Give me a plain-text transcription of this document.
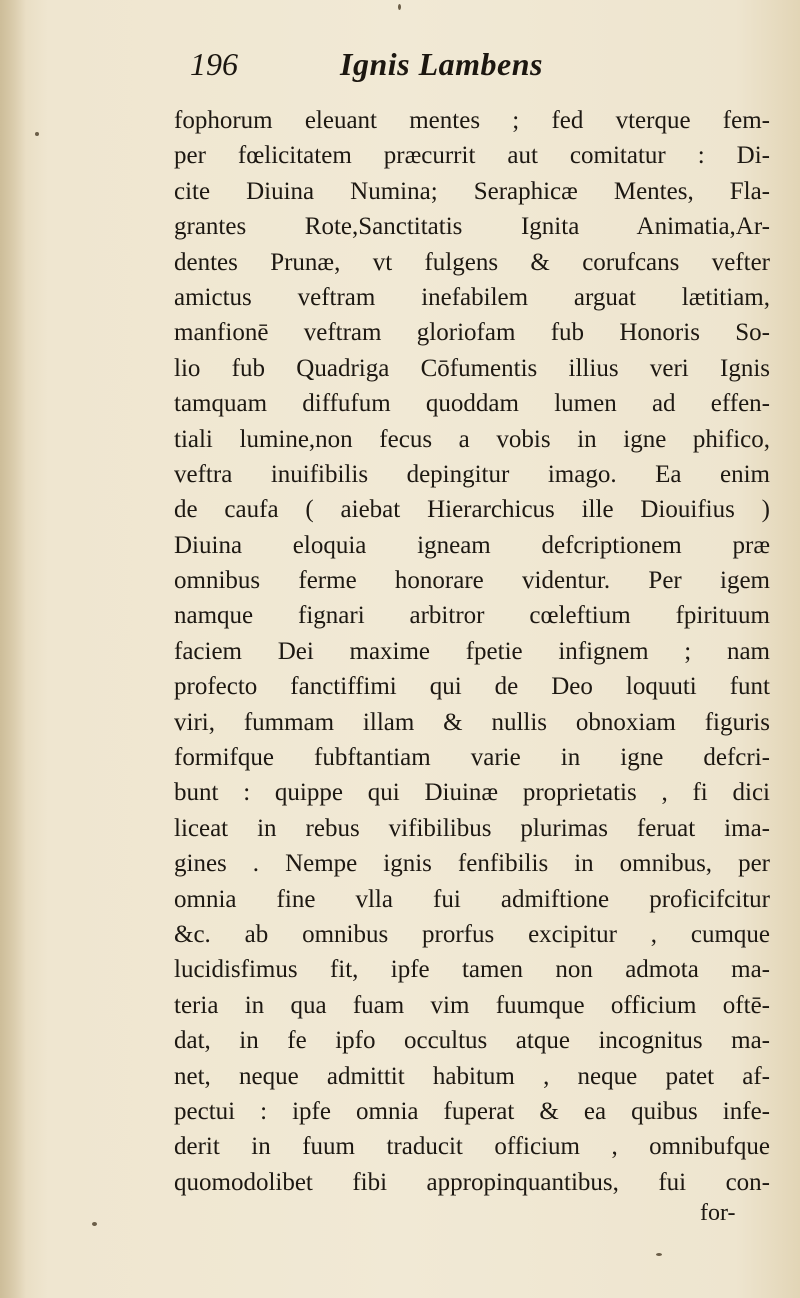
196	Ignis Lambens
fophorum eleuant mentes ; fed vterque fem-
per fœlicitatem præcurrit aut comitatur : Di-
cite Diuina Numina; Seraphicæ Mentes, Fla-
grantes Rote,Sanctitatis Ignita Animatia,Ar-
dentes Prunæ, vt fulgens & corufcans vefter
amictus veftram inefabilem arguat lætitiam,
manfionē veftram gloriofam fub Honoris So-
lio fub Quadriga Cōfumentis illius veri Ignis
tamquam diffufum quoddam lumen ad effen-
tiali lumine,non fecus a vobis in igne phifico,
veftra inuifibilis depingitur imago. Ea enim
de caufa ( aiebat Hierarchicus ille Diouifius )
Diuina eloquia igneam defcriptionem præ
omnibus ferme honorare videntur. Per igem
namque fignari arbitror cœleftium fpirituum
faciem Dei maxime fpetie infignem ; nam
profecto fanctiffimi qui de Deo loquuti funt
viri, fummam illam & nullis obnoxiam figuris
formifque fubftantiam varie in igne defcri-
bunt : quippe qui Diuinæ proprietatis , fi dici
liceat in rebus vifibilibus plurimas feruat ima-
gines . Nempe ignis fenfibilis in omnibus, per
omnia fine vlla fui admiftione proficifcitur
&c. ab omnibus prorfus excipitur , cumque
lucidisfimus fit, ipfe tamen non admota ma-
teria in qua fuam vim fuumque officium oftē-
dat, in fe ipfo occultus atque incognitus ma-
net, neque admittit habitum , neque patet af-
pectui : ipfe omnia fuperat & ea quibus infe-
derit in fuum traducit officium , omnibufque
quomodolibet fibi appropinquantibus, fui con-
for-
